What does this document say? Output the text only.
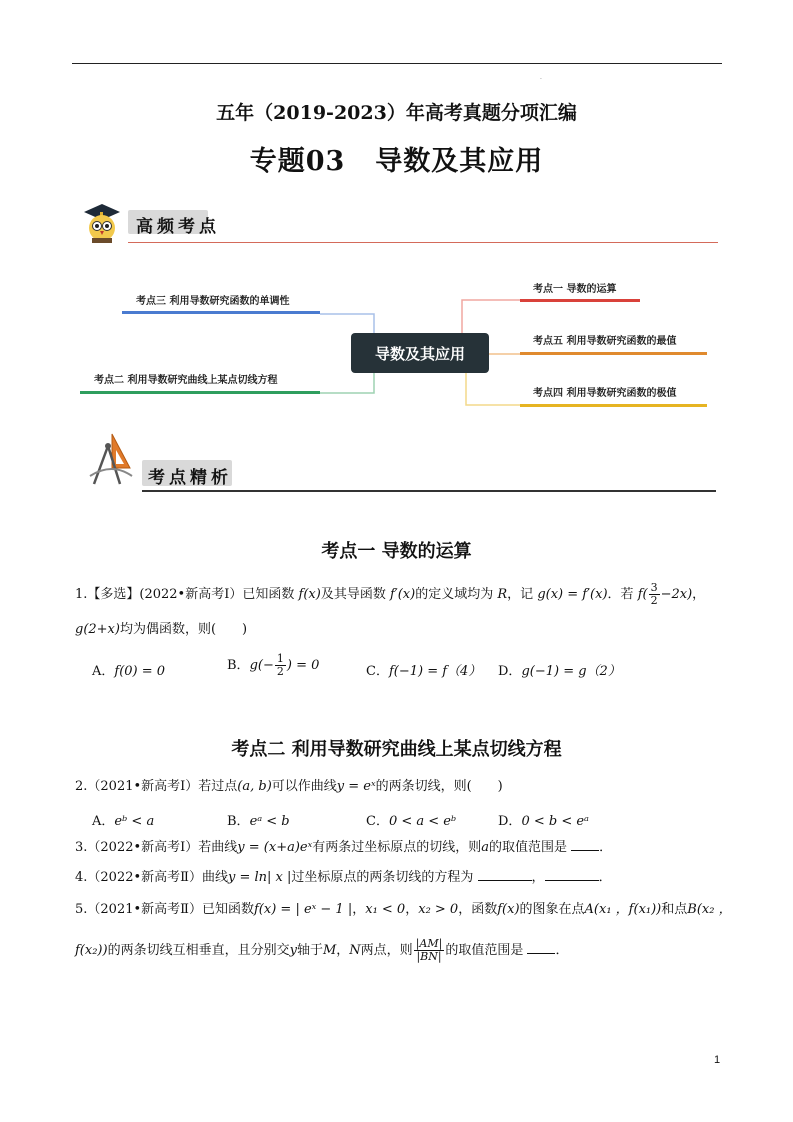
.
五年（2019-2023）年高考真题分项汇编
专题03 导数及其应用
高频考点
考点三 利用导数研究函数的单调性
考点二 利用导数研究曲线上某点切线方程
考点一 导数的运算
考点五 利用导数研究函数的最值
考点四 利用导数研究函数的极值
导数及其应用
考点精析
考点一 导数的运算
1.【多选】(2022•新高考Ⅰ）已知函数 f(x)及其导函数 f′(x)的定义域均为 R，记 g(x) = f′(x)．若 $f( \frac{3}{2} -2x)$，
g(2+x)均为偶函数，则(　　)
A．f(0) = 0	B．$g(- \frac{1}{2}$ ) = 0	C．f(−1) = f（4） D．g(−1) = g（2）
考点二 利用导数研究曲线上某点切线方程
2.（2021•新高考Ⅰ）若过点(a, b)可以作曲线y = eˣ的两条切线，则(　　)
A．eᵇ < a	B．eᵃ < b	C．0 < a < eᵇ	D．0 < b < eᵃ
3.（2022•新高考Ⅰ）若曲线y = (x+a)eˣ有两条过坐标原点的切线，则a的取值范围是 ．
4.（2022•新高考Ⅱ）曲线y = ln| x |过坐标原点的两条切线的方程为	，	．
5.（2021•新高考Ⅱ）已知函数f(x) = | eˣ − 1 |，x₁ < 0，x₂ > 0，函数f(x)的图象在点A(x₁ ，f(x₁))和点B(x₂ ，
f(x₂))的两条切线互相垂直，且分别交y轴于M，N两点，则 $\frac{|AM|}{|BN|}$ 的取值范围是 ．
1
